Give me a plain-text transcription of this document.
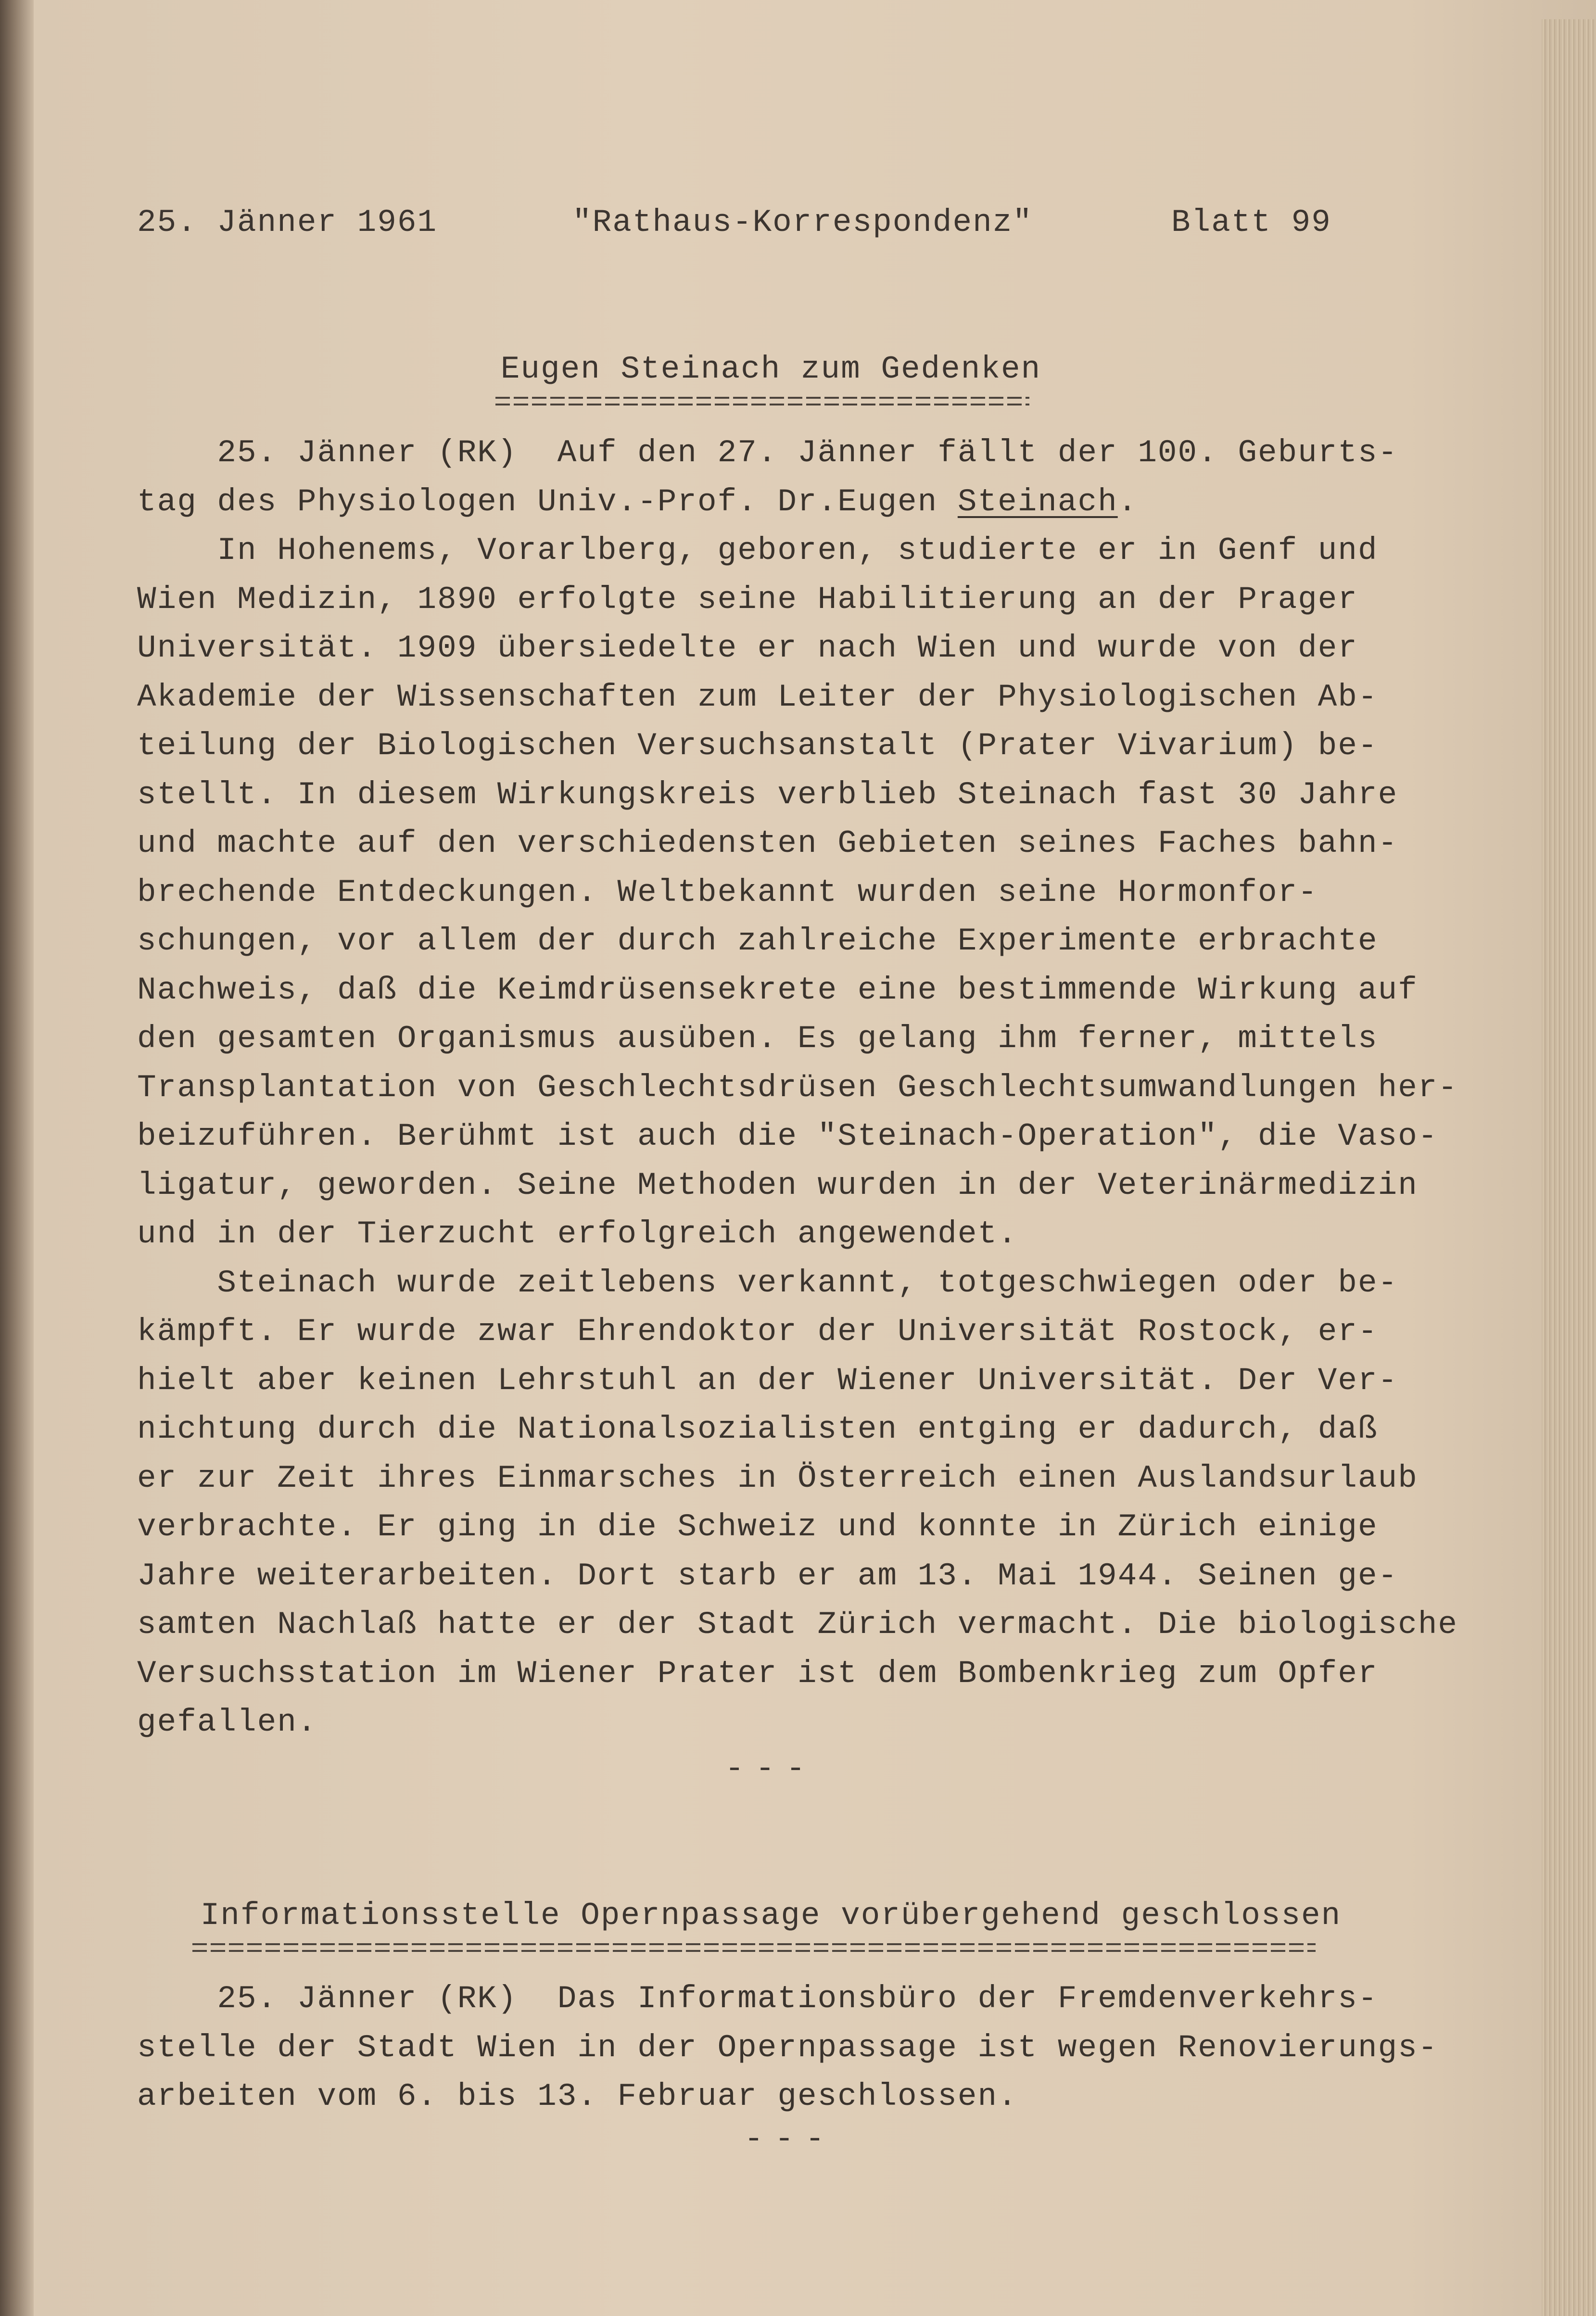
25. Jänner 1961	"Rathaus-Korrespondenz"	Blatt 99
Eugen Steinach zum Gedenken
25. Jänner (RK)  Auf den 27. Jänner fällt der 100. Geburts-
tag des Physiologen Univ.-Prof. Dr.Eugen Steinach.
In Hohenems, Vorarlberg, geboren, studierte er in Genf und
Wien Medizin, 1890 erfolgte seine Habilitierung an der Prager
Universität. 1909 übersiedelte er nach Wien und wurde von der
Akademie der Wissenschaften zum Leiter der Physiologischen Ab-
teilung der Biologischen Versuchsanstalt (Prater Vivarium) be-
stellt. In diesem Wirkungskreis verblieb Steinach fast 30 Jahre
und machte auf den verschiedensten Gebieten seines Faches bahn-
brechende Entdeckungen. Weltbekannt wurden seine Hormonfor-
schungen, vor allem der durch zahlreiche Experimente erbrachte
Nachweis, daß die Keimdrüsensekrete eine bestimmende Wirkung auf
den gesamten Organismus ausüben. Es gelang ihm ferner, mittels
Transplantation von Geschlechtsdrüsen Geschlechtsumwandlungen her-
beizuführen. Berühmt ist auch die "Steinach-Operation", die Vaso-
ligatur, geworden. Seine Methoden wurden in der Veterinärmedizin
und in der Tierzucht erfolgreich angewendet.
Steinach wurde zeitlebens verkannt, totgeschwiegen oder be-
kämpft. Er wurde zwar Ehrendoktor der Universität Rostock, er-
hielt aber keinen Lehrstuhl an der Wiener Universität. Der Ver-
nichtung durch die Nationalsozialisten entging er dadurch, daß
er zur Zeit ihres Einmarsches in Österreich einen Auslandsurlaub
verbrachte. Er ging in die Schweiz und konnte in Zürich einige
Jahre weiterarbeiten. Dort starb er am 13. Mai 1944. Seinen ge-
samten Nachlaß hatte er der Stadt Zürich vermacht. Die biologische
Versuchsstation im Wiener Prater ist dem Bombenkrieg zum Opfer
gefallen.
---
Informationsstelle Opernpassage vorübergehend geschlossen
25. Jänner (RK)  Das Informationsbüro der Fremdenverkehrs-
stelle der Stadt Wien in der Opernpassage ist wegen Renovierungs-
arbeiten vom 6. bis 13. Februar geschlossen.
---
